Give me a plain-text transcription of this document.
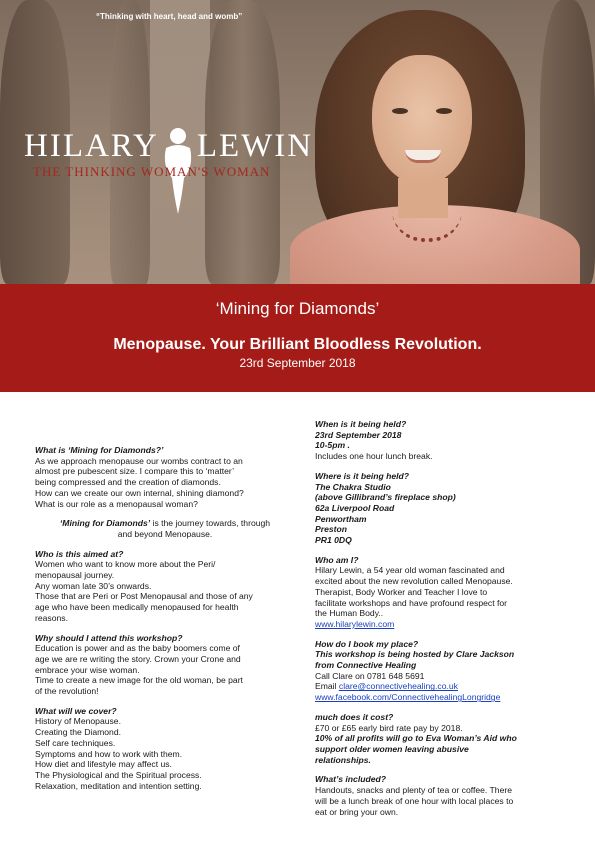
“Thinking with heart, head and womb”
HILARY LEWIN
THE THINKING WOMAN'S WOMAN
‘Mining for Diamonds’
Menopause. Your Brilliant Bloodless Revolution.
23rd September 2018

What is ‘Mining for Diamonds?’
As we approach menopause our wombs contract to an
almost pre pubescent size. I compare this to ‘matter’
being compressed and the creation of diamonds.
How can we create our own internal, shining diamond?
What is our role as a menopausal woman?

‘Mining for Diamonds’ is the journey towards, through
and beyond Menopause.

Who is this aimed at?
Women who want to know more about the Peri/
menopausal journey.
Any woman late 30’s onwards.
Those that are Peri or Post Menopausal and those of any
age who have been medically menopaused for health
reasons.

Why should I attend this workshop?
Education is power and as the baby boomers come of
age we are re writing the story. Crown your Crone and
embrace your wise woman.
Time to create a new image for the old woman, be part
of the revolution!

What will we cover?
History of Menopause.
Creating the Diamond.
Self care techniques.
Symptoms and how to work with them.
How diet and lifestyle may affect us.
The Physiological and the Spiritual process.
Relaxation, meditation and intention setting.

When is it being held?
23rd September 2018
10-5pm .
Includes one hour lunch break.

Where is it being held?
The Chakra Studio
(above Gillibrand’s fireplace shop)
62a Liverpool Road
Penwortham
Preston
PR1 0DQ

Who am I?
Hilary Lewin, a 54 year old woman fascinated and
excited about the new revolution called Menopause.
Therapist, Body Worker and Teacher I love to
facilitate workshops and have profound respect for
the Human Body..
www.hilarylewin.com

How do I book my place?
This workshop is being hosted by Clare Jackson
from Connective Healing
Call Clare on 0781 648 5691
Email clare@connectivehealing.co.uk
www.facebook.com/ConnectivehealingLongridge

much does it cost?
£70 or £65 early bird rate pay by 2018.
10% of all profits will go to Eva Woman’s Aid who
support older women leaving abusive
relationships.

What’s included?
Handouts, snacks and plenty of tea or coffee. There
will be a lunch break of one hour with local places to
eat or bring your own.
